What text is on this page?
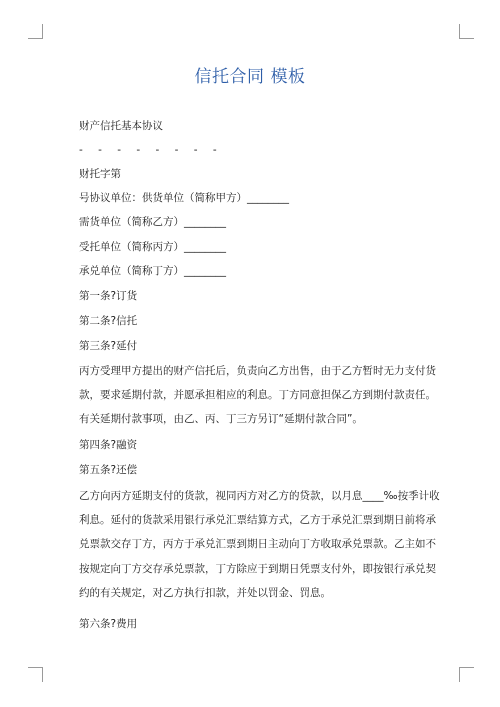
信托合同 模板
财产信托基本协议
- - - - - - - -
财托字第
号协议单位：供货单位（简称甲方）________
需货单位（简称乙方）________
受托单位（简称丙方）________
承兑单位（简称丁方）________
第一条?订货
第二条?信托
第三条?延付
丙方受理甲方提出的财产信托后，负责向乙方出售，由于乙方暂时无力支付货款，要求延期付款，并愿承担相应的利息。丁方同意担保乙方到期付款责任。有关延期付款事项，由乙、丙、丁三方另订“延期付款合同”。
第四条?融资
第五条?还偿
乙方向丙方延期支付的货款，视同丙方对乙方的贷款，以月息____‰按季计收利息。延付的货款采用银行承兑汇票结算方式，乙方于承兑汇票到期日前将承兑票款交存丁方，丙方于承兑汇票到期日主动向丁方收取承兑票款。乙主如不按规定向丁方交存承兑票款，丁方除应于到期日凭票支付外，即按银行承兑契约的有关规定，对乙方执行扣款，并处以罚金、罚息。
第六条?费用
